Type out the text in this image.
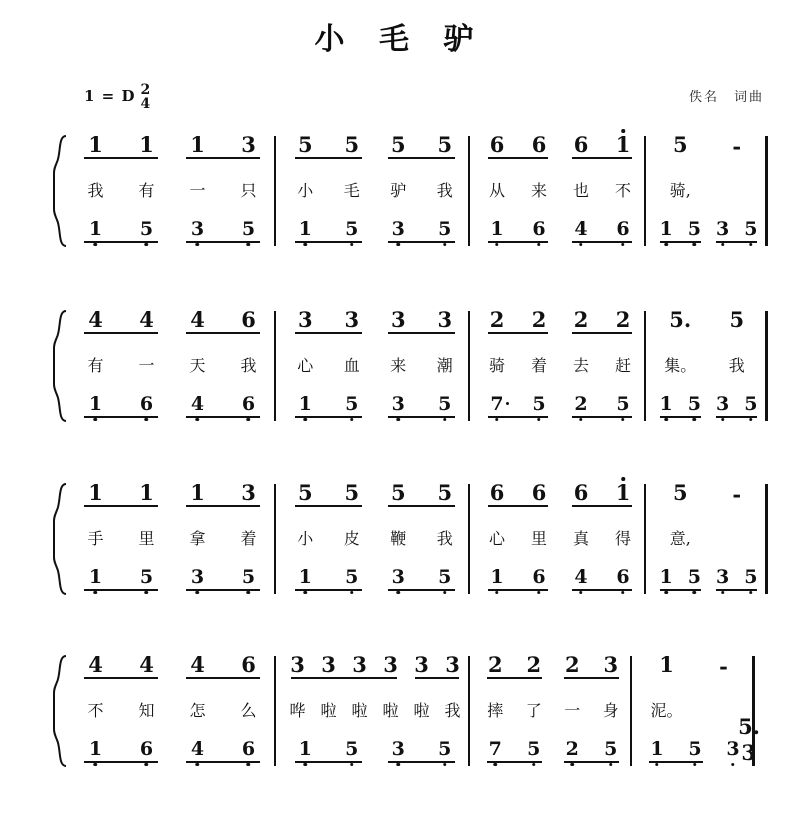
小 毛 驴
1 = D 2
4	佚名　词曲
1	1	1	3
我	有	一	只
1	5	3	5
5	5	5	5
小	毛	驴	我
1	5	3	5
6	6	6	1
从	来	也	不
1	6	4	6
5	-
骑,
1 5 3 5
4	4	4	6
有	一	天	我
1	6	4	6
3	3	3	3
心	血	来	潮
1	5	3	5
2	2	2	2
骑	着	去	赶
7	5	2	5
5.	5
集。	我
1 5 3 5
1	1	1	3
手	里	拿	着
1	5	3	5
5	5	5	5
小	皮	鞭	我
1	5	3	5
6	6	6	1
心	里	真	得
1	6	4	6
5	-
意,
1 5 3 5
4	4	4	6
不	知	怎	么
1	6	4	6
3 3 3 3 3 3
哗 啦 啦 啦 啦 我
1	5	3	5
2	2	2	3
摔	了	一	身
7	5	2	5
1	-
泥。
1	5	3
5.
3
